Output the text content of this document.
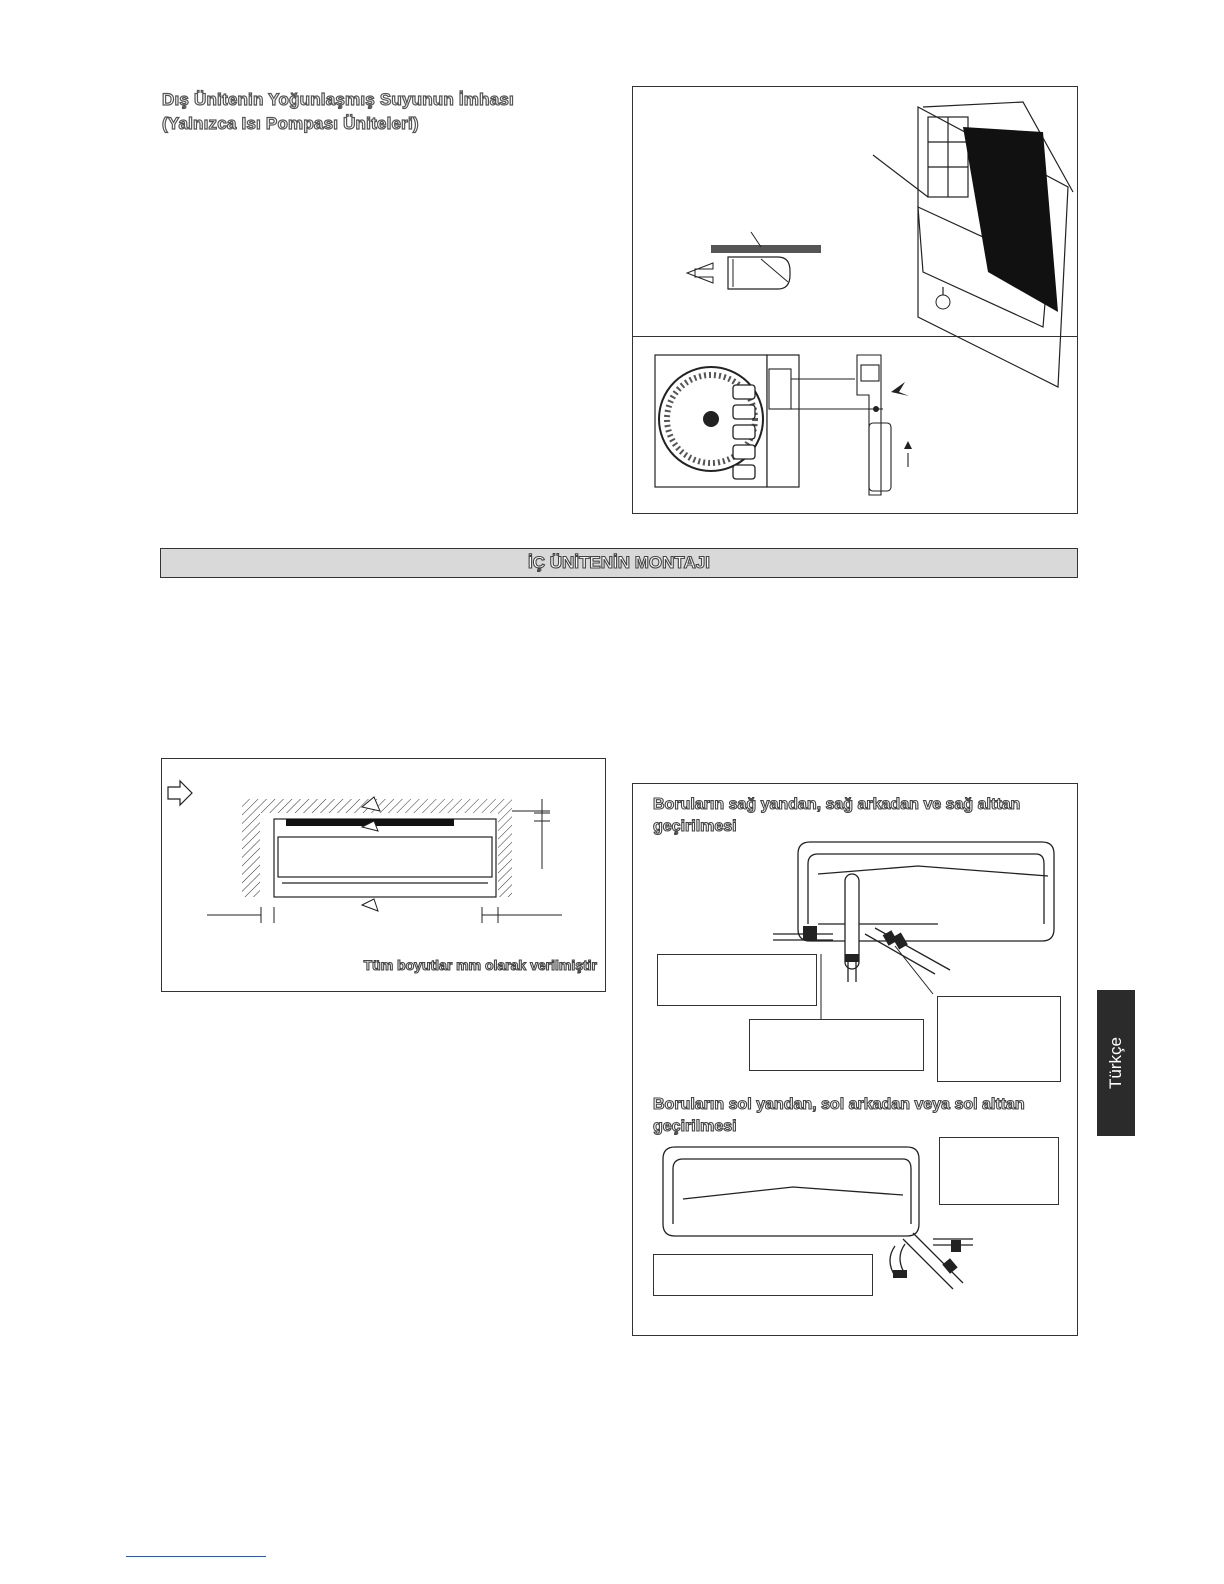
Dış Ünitenin Yoğunlaşmış Suyunun İmhası
(Yalnızca Isı Pompası Üniteleri)
İÇ ÜNİTENİN MONTAJI
Tüm boyutlar mm olarak verilmiştir
Boruların sağ yandan, sağ arkadan ve sağ alttan
geçirilmesi
Boruların sol yandan, sol arkadan veya sol alttan
geçirilmesi
Türkçe
